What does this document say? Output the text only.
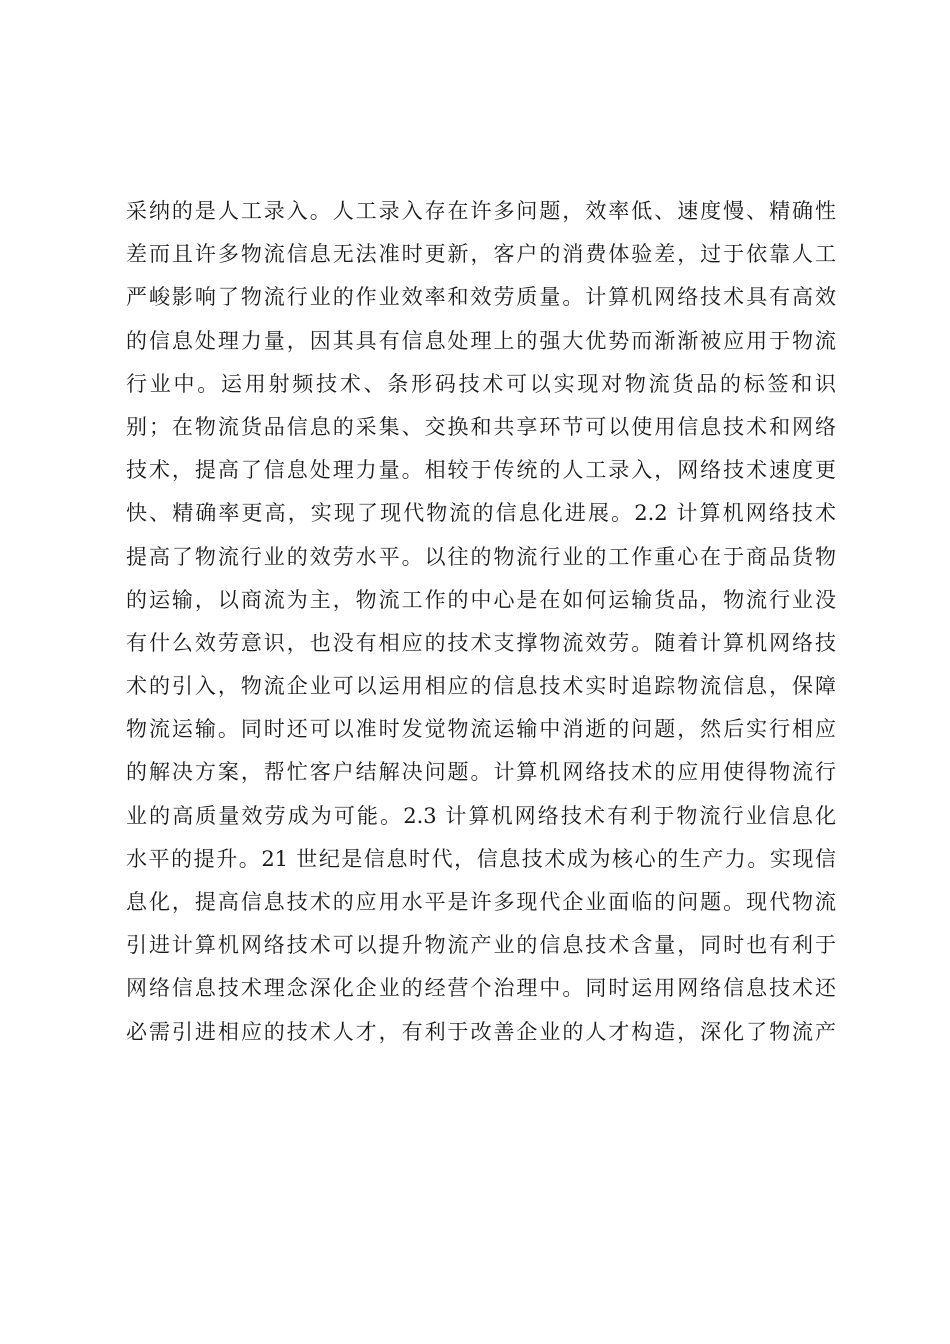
采纳的是人工录入。人工录入存在许多问题，效率低、速度慢、精确性
差而且许多物流信息无法准时更新，客户的消费体验差，过于依靠人工
严峻影响了物流行业的作业效率和效劳质量。计算机网络技术具有高效
的信息处理力量，因其具有信息处理上的强大优势而渐渐被应用于物流
行业中。运用射频技术、条形码技术可以实现对物流货品的标签和识
别；在物流货品信息的采集、交换和共享环节可以使用信息技术和网络
技术，提高了信息处理力量。相较于传统的人工录入，网络技术速度更
快、精确率更高，实现了现代物流的信息化进展。2.2 计算机网络技术
提高了物流行业的效劳水平。以往的物流行业的工作重心在于商品货物
的运输，以商流为主，物流工作的中心是在如何运输货品，物流行业没
有什么效劳意识，也没有相应的技术支撑物流效劳。随着计算机网络技
术的引入，物流企业可以运用相应的信息技术实时追踪物流信息，保障
物流运输。同时还可以准时发觉物流运输中消逝的问题，然后实行相应
的解决方案，帮忙客户结解决问题。计算机网络技术的应用使得物流行
业的高质量效劳成为可能。2.3 计算机网络技术有利于物流行业信息化
水平的提升。21 世纪是信息时代，信息技术成为核心的生产力。实现信
息化，提高信息技术的应用水平是许多现代企业面临的问题。现代物流
引进计算机网络技术可以提升物流产业的信息技术含量，同时也有利于
网络信息技术理念深化企业的经营个治理中。同时运用网络信息技术还
必需引进相应的技术人才，有利于改善企业的人才构造，深化了物流产
